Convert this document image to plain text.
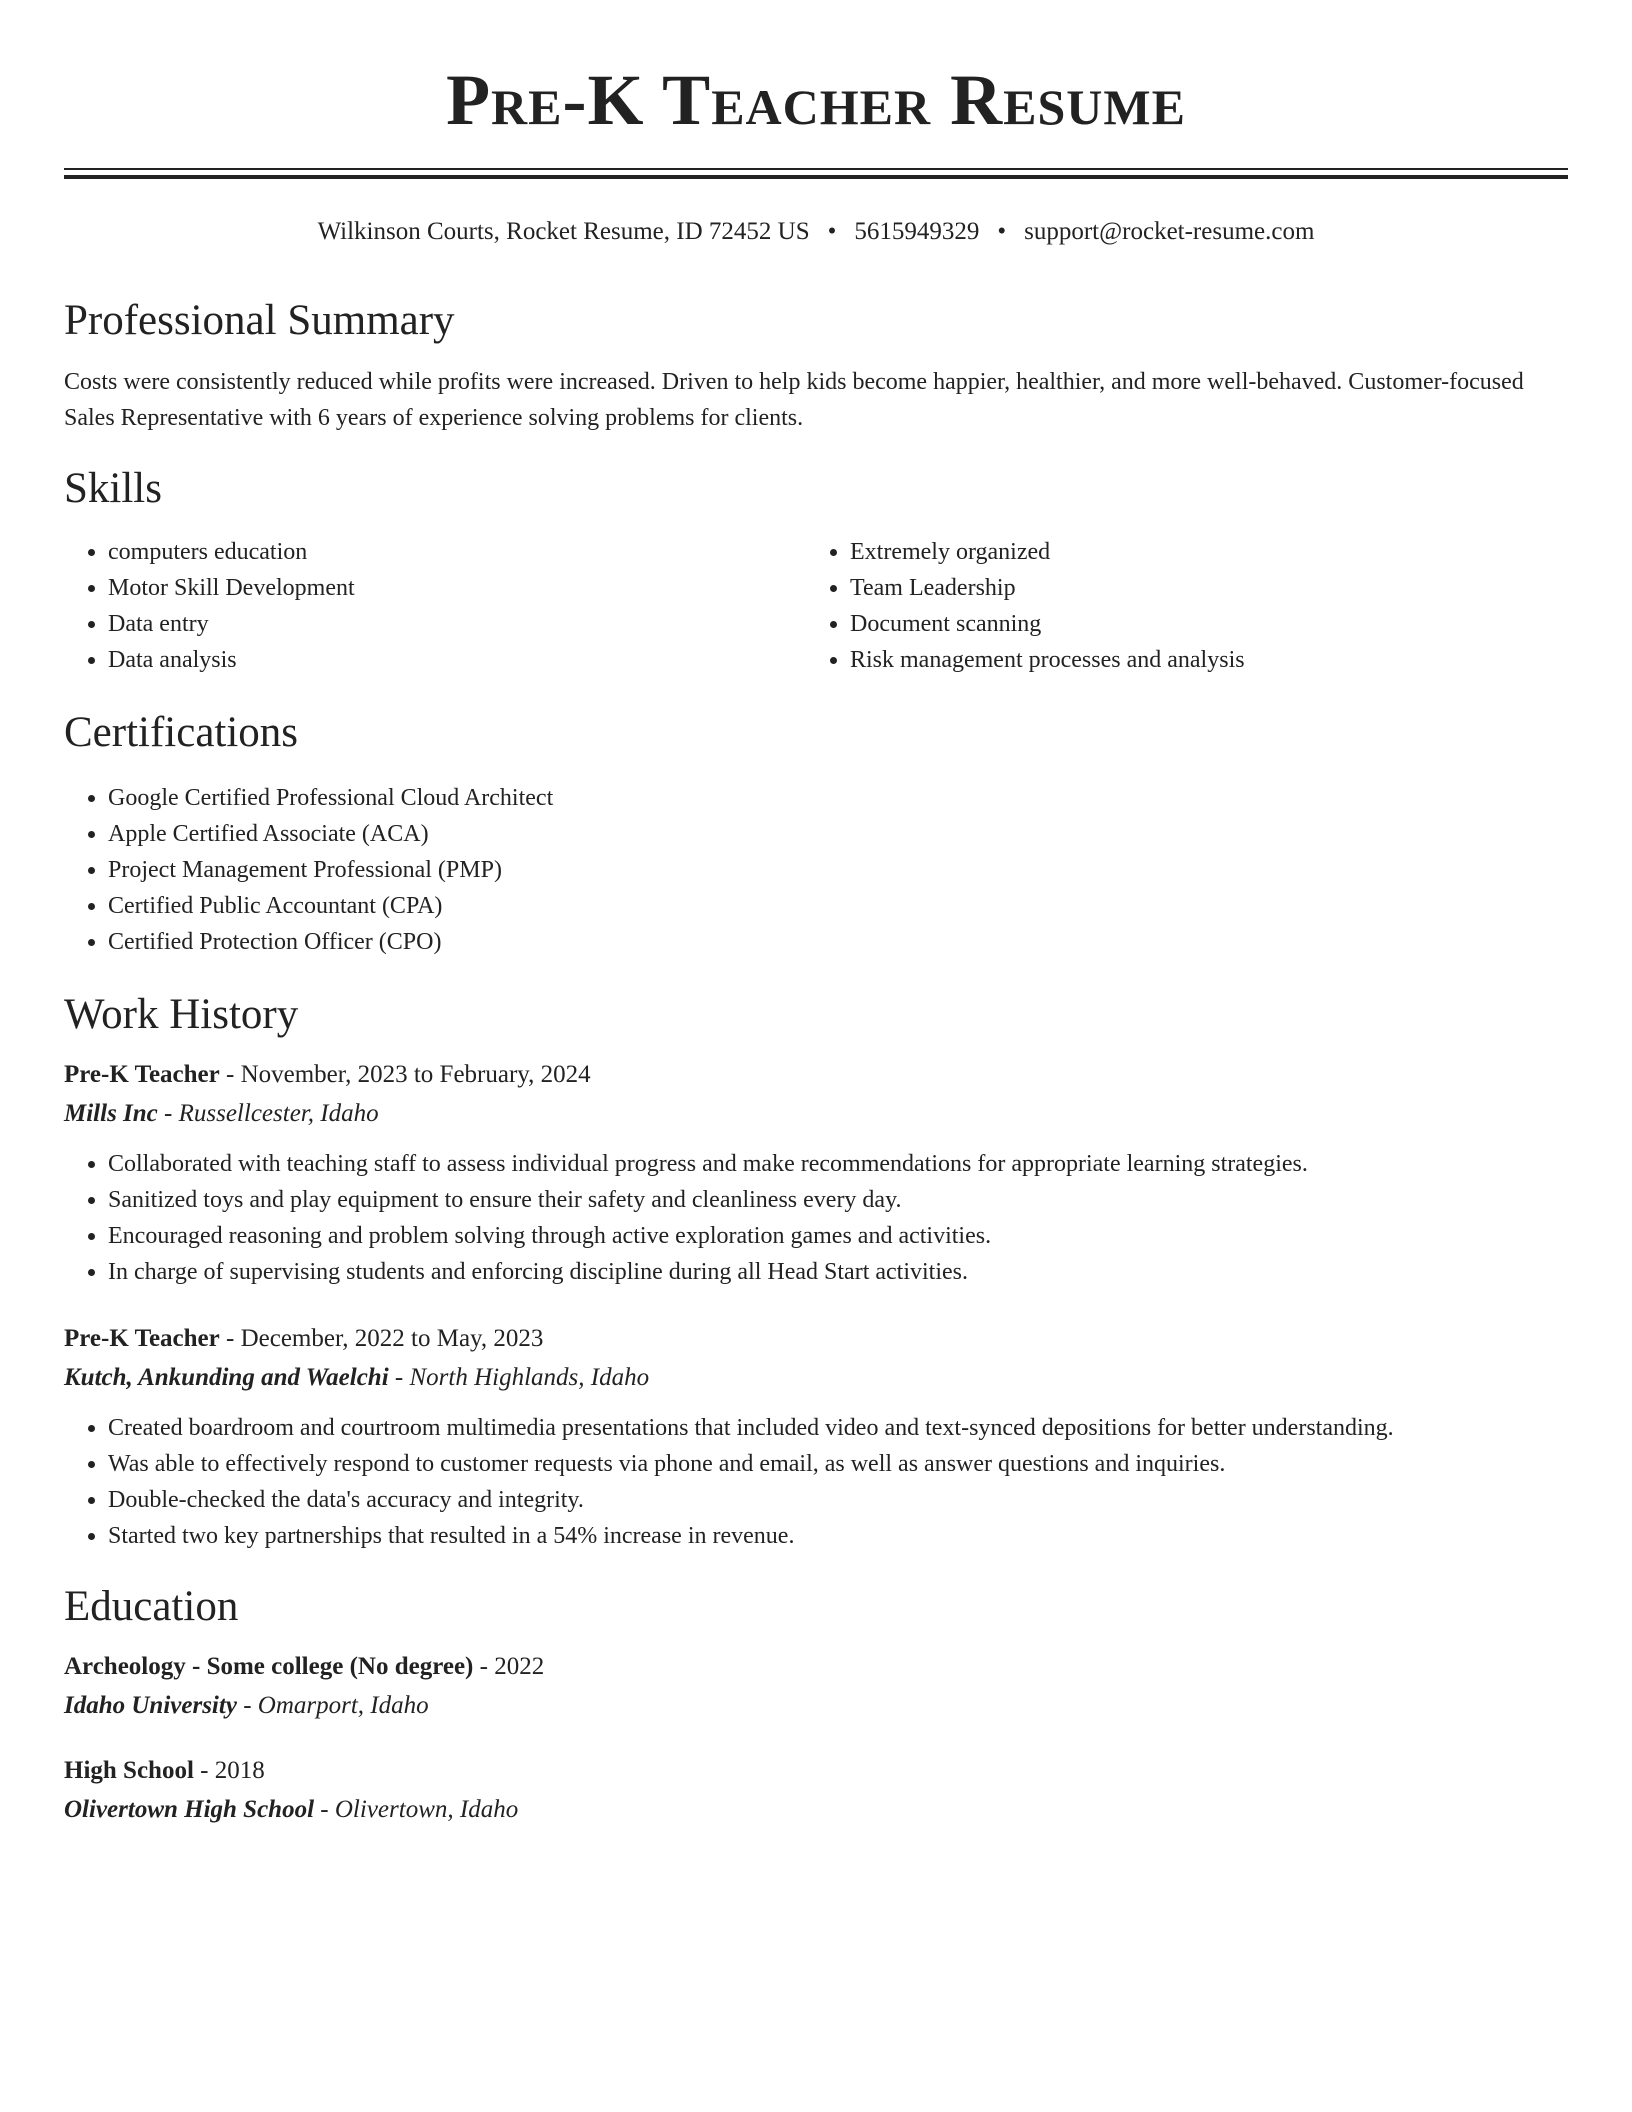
Pre-K Teacher Resume
Wilkinson Courts, Rocket Resume, ID 72452 US • 5615949329 • support@rocket-resume.com
Professional Summary

Costs were consistently reduced while profits were increased. Driven to help kids become happier, healthier, and more well-behaved. Customer-focused Sales Representative with 6 years of experience solving problems for clients.

Skills
• computers education
• Motor Skill Development
• Data entry
• Data analysis
• Extremely organized
• Team Leadership
• Document scanning
• Risk management processes and analysis
Certifications
• Google Certified Professional Cloud Architect
• Apple Certified Associate (ACA)
• Project Management Professional (PMP)
• Certified Public Accountant (CPA)
• Certified Protection Officer (CPO)
Work History
Pre-K Teacher - November, 2023 to February, 2024
Mills Inc - Russellcester, Idaho
• Collaborated with teaching staff to assess individual progress and make recommendations for appropriate learning strategies.
• Sanitized toys and play equipment to ensure their safety and cleanliness every day.
• Encouraged reasoning and problem solving through active exploration games and activities.
• In charge of supervising students and enforcing discipline during all Head Start activities.
Pre-K Teacher - December, 2022 to May, 2023
Kutch, Ankunding and Waelchi - North Highlands, Idaho
• Created boardroom and courtroom multimedia presentations that included video and text-synced depositions for better understanding.
• Was able to effectively respond to customer requests via phone and email, as well as answer questions and inquiries.
• Double-checked the data's accuracy and integrity.
• Started two key partnerships that resulted in a 54% increase in revenue.
Education
Archeology - Some college (No degree) - 2022
Idaho University - Omarport, Idaho
High School - 2018
Olivertown High School - Olivertown, Idaho
